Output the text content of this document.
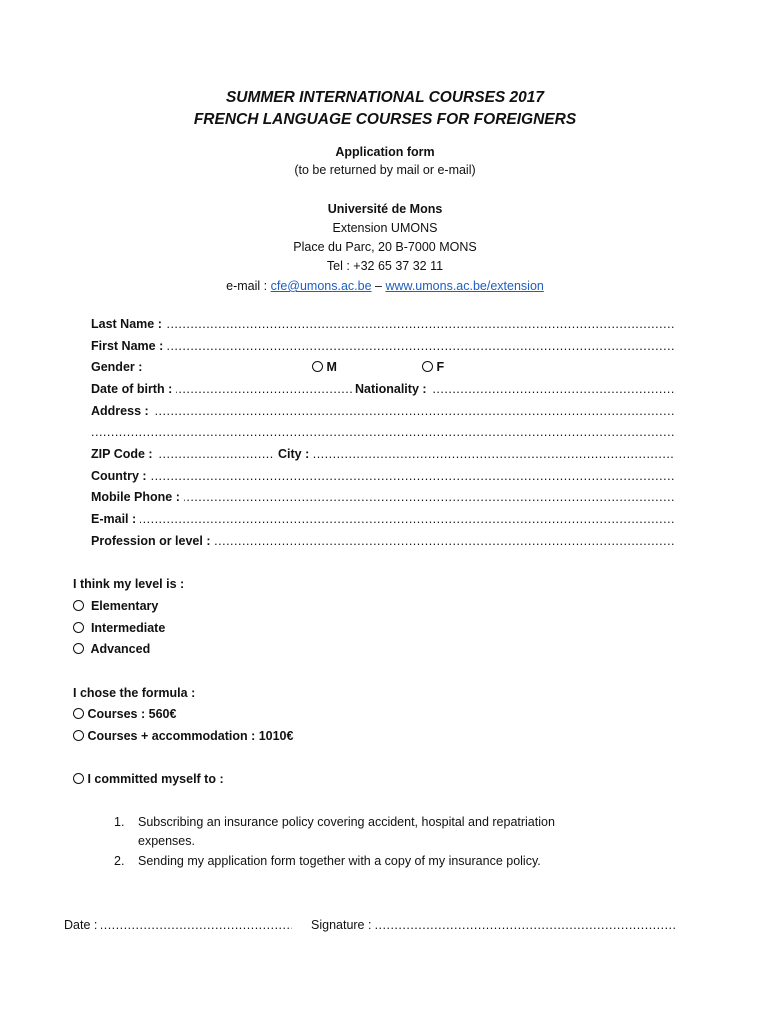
SUMMER INTERNATIONAL COURSES 2017
FRENCH LANGUAGE COURSES FOR FOREIGNERS
Application form
(to be returned by mail or e-mail)
Université de Mons
Extension UMONS
Place du Parc, 20 B-7000 MONS
Tel : +32 65 37 32 11
e-mail : cfe@umons.ac.be – www.umons.ac.be/extension
.....
Last Name :
.....
First Name :
Gender :	M	F
.....
Date of birth : .....	Nationality :
.....
Address :
.....
.....
ZIP Code : .....	City :
.....
Country :
.....
Mobile Phone :
.....
E-mail :
.....
Profession or level :
I think my level is :
Elementary
Intermediate
Advanced
I chose the formula :
Courses : 560€
Courses + accommodation : 1010€
I committed myself to :
1. Subscribing an insurance policy covering accident, hospital and repatriation
expenses.
2. Sending my application form together with a copy of my insurance policy.
.....
Date : .....	Signature :
